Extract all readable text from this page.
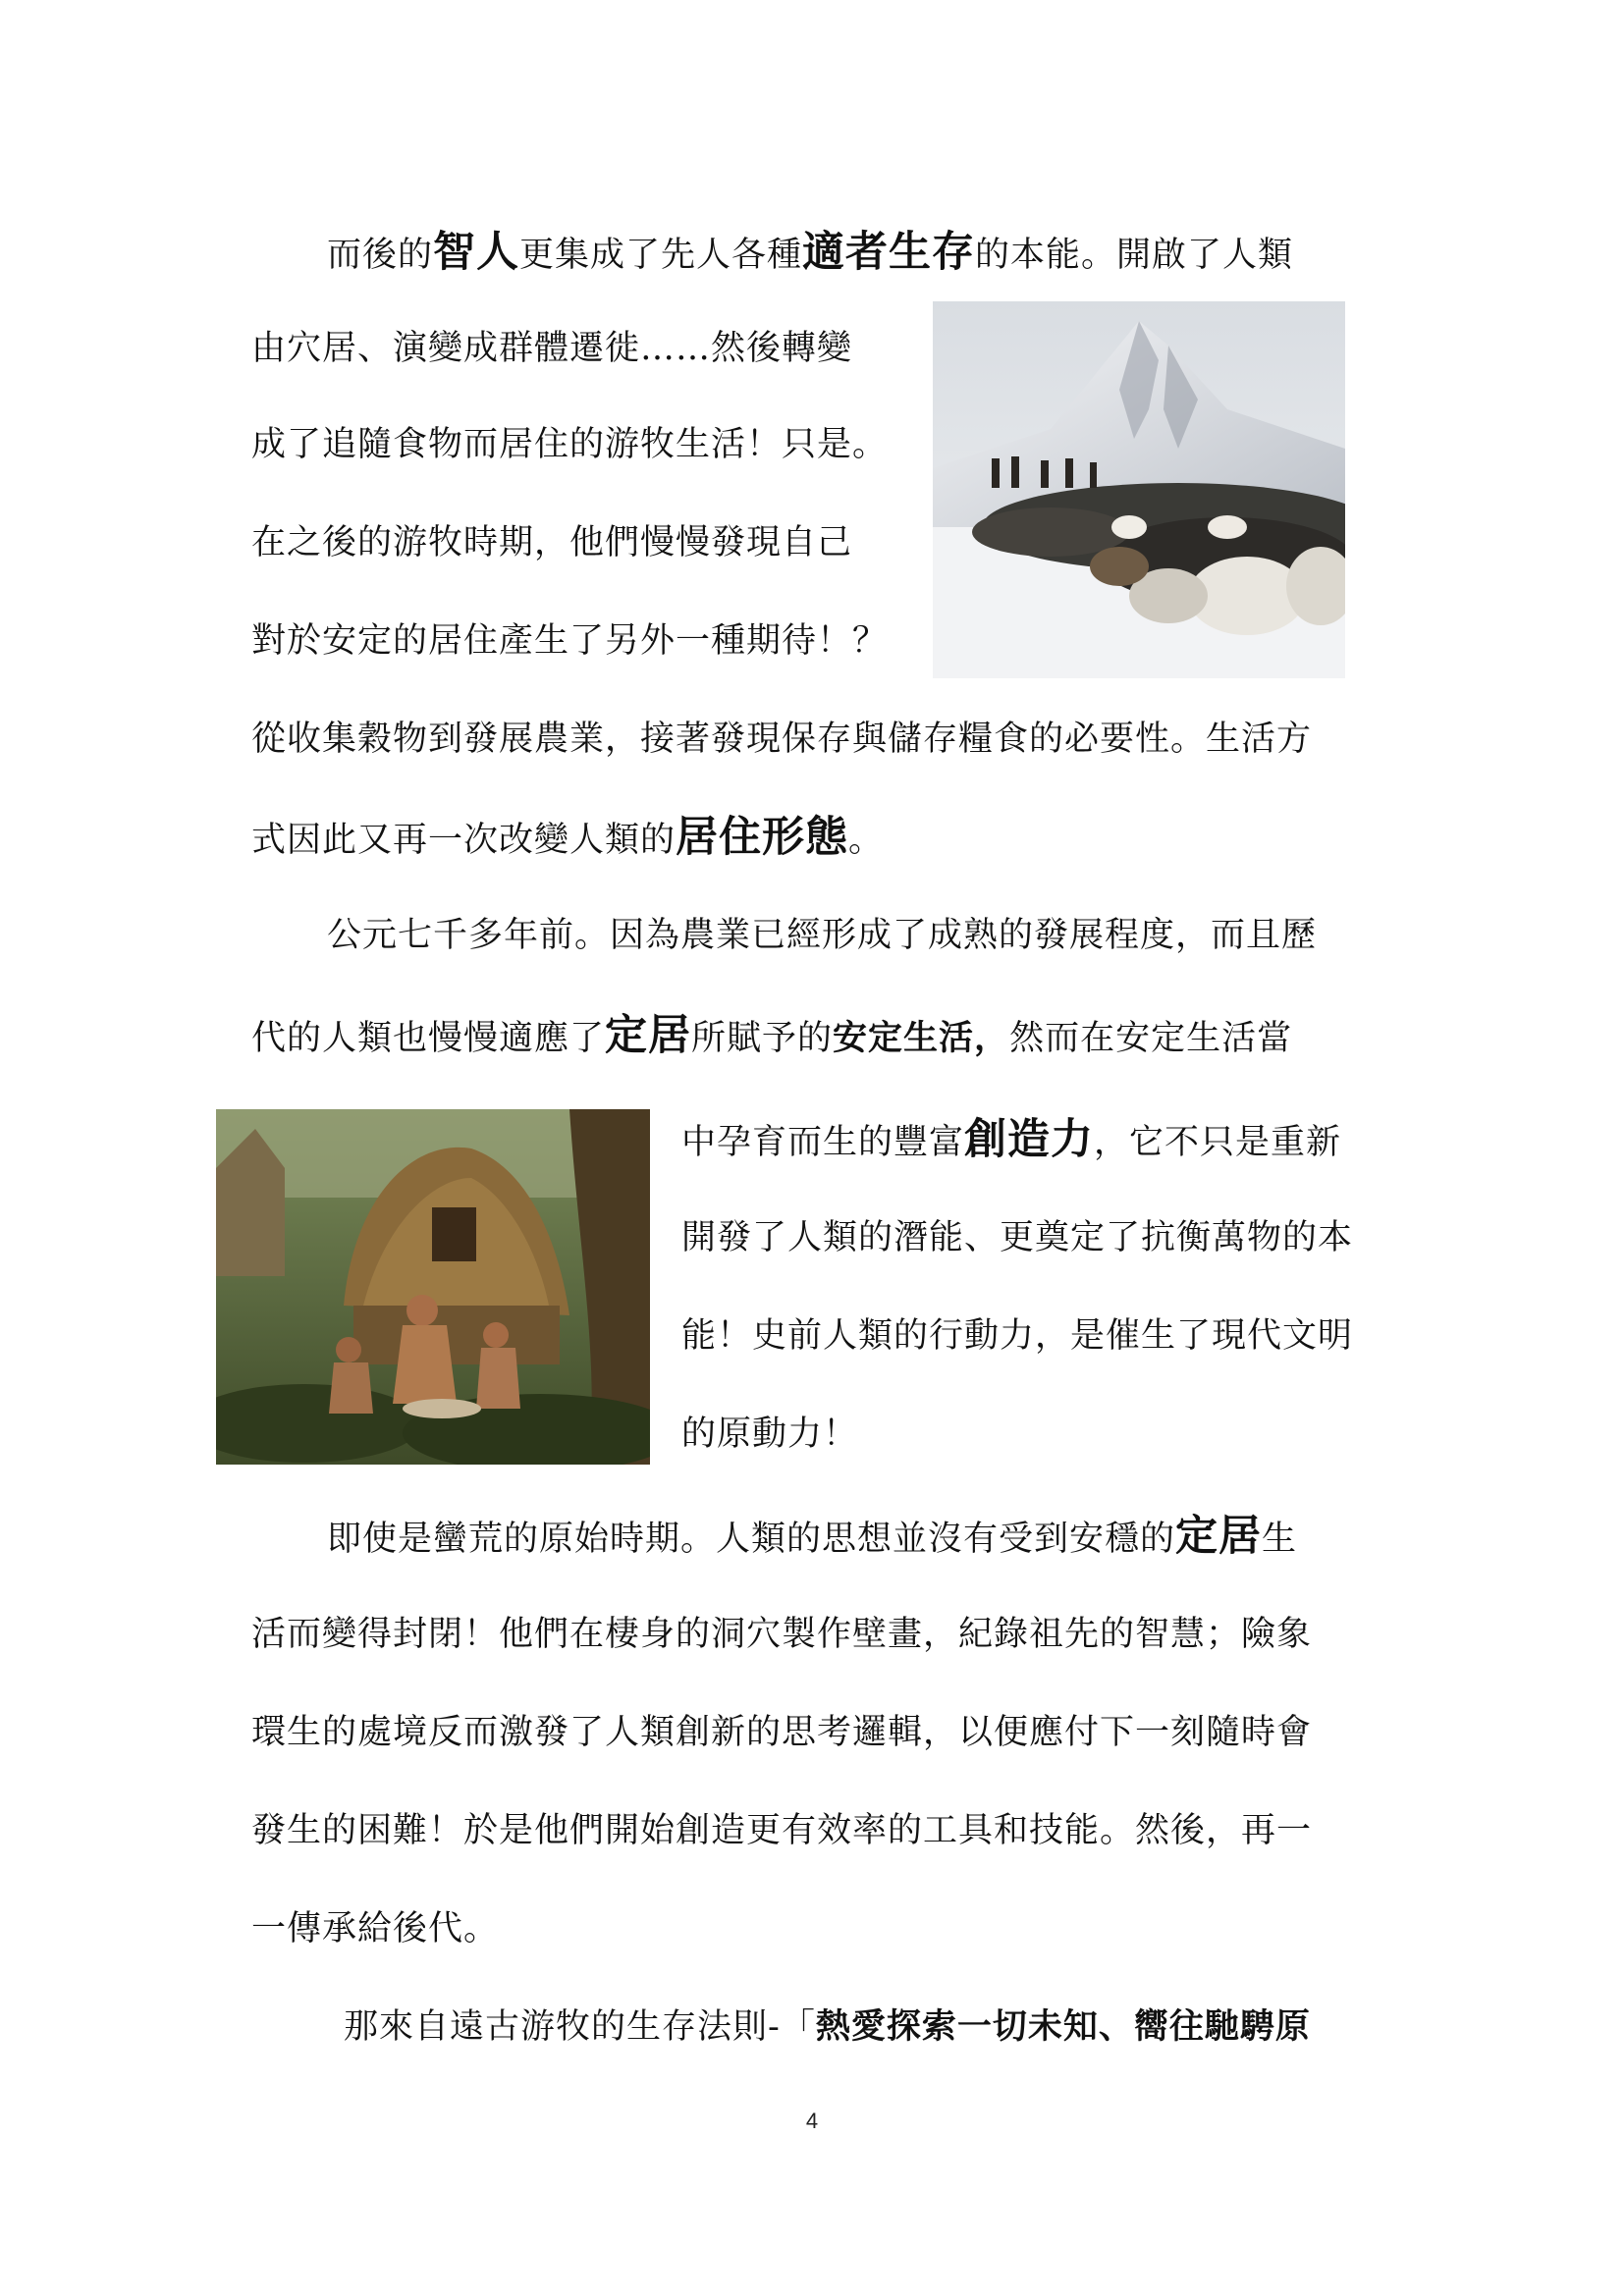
而後的智人更集成了先人各種適者生存的本能。開啟了人類
由穴居、演變成群體遷徙……然後轉變
成了追隨食物而居住的游牧生活！只是。
在之後的游牧時期，他們慢慢發現自己
對於安定的居住產生了另外一種期待！？
從收集穀物到發展農業，接著發現保存與儲存糧食的必要性。生活方
式因此又再一次改變人類的居住形態。
公元七千多年前。因為農業已經形成了成熟的發展程度，而且歷
代的人類也慢慢適應了定居所賦予的安定生活，然而在安定生活當
中孕育而生的豐富創造力，它不只是重新
開發了人類的潛能、更奠定了抗衡萬物的本
能！史前人類的行動力，是催生了現代文明
的原動力！
即使是蠻荒的原始時期。人類的思想並沒有受到安穩的定居生
活而變得封閉！他們在棲身的洞穴製作壁畫，紀錄祖先的智慧；險象
環生的處境反而激發了人類創新的思考邏輯，以便應付下一刻隨時會
發生的困難！於是他們開始創造更有效率的工具和技能。然後，再一
一傳承給後代。
那來自遠古游牧的生存法則-「熱愛探索一切未知、嚮往馳騁原
4
